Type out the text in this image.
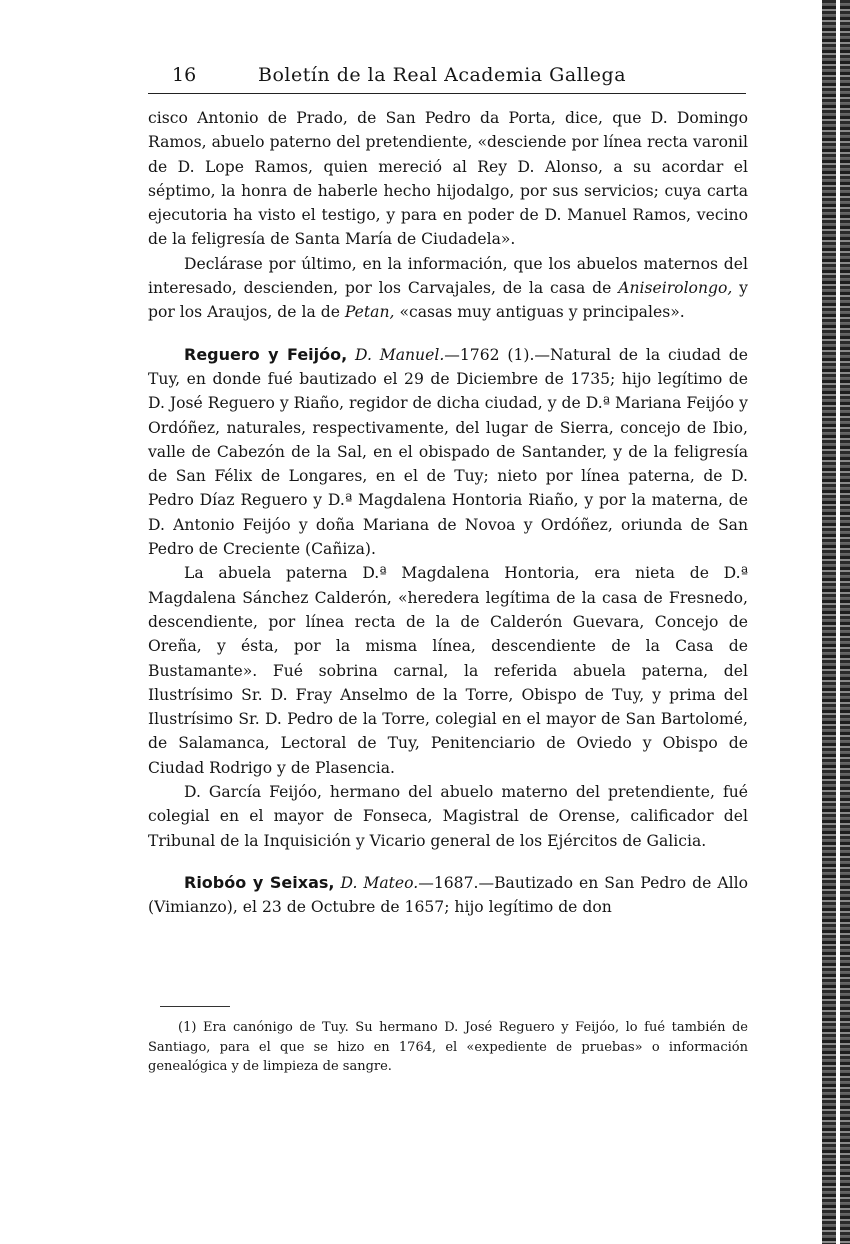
16	Boletín de la Real Academia Gallega

cisco Antonio de Prado, de San Pedro da Porta, dice, que D. Domingo Ramos, abuelo paterno del pretendiente, «desciende por línea recta varonil de D. Lope Ramos, quien mereció al Rey D. Alonso, a su acordar el séptimo, la honra de haberle hecho hijodalgo, por sus servicios; cuya carta ejecutoria ha visto el testigo, y para en poder de D. Manuel Ramos, vecino de la feligresía de Santa María de Ciudadela».

Declárase por último, en la información, que los abuelos maternos del interesado, descienden, por los Carvajales, de la casa de Aniseirolongo, y por los Araujos, de la de Petan, «casas muy antiguas y principales».

Reguero y Feijóo, D. Manuel.—1762 (1).—Natural de la ciudad de Tuy, en donde fué bautizado el 29 de Diciembre de 1735; hijo legítimo de D. José Reguero y Riaño, regidor de dicha ciudad, y de D.ª Mariana Feijóo y Ordóñez, naturales, respectivamente, del lugar de Sierra, concejo de Ibio, valle de Cabezón de la Sal, en el obispado de Santander, y de la feligresía de San Félix de Longares, en el de Tuy; nieto por línea paterna, de D. Pedro Díaz Reguero y D.ª Magdalena Hontoria Riaño, y por la materna, de D. Antonio Feijóo y doña Mariana de Novoa y Ordóñez, oriunda de San Pedro de Creciente (Cañiza).

La abuela paterna D.ª Magdalena Hontoria, era nieta de D.ª Magdalena Sánchez Calderón, «heredera legítima de la casa de Fresnedo, descendiente, por línea recta de la de Calderón Guevara, Concejo de Oreña, y ésta, por la misma línea, descendiente de la Casa de Bustamante». Fué sobrina carnal, la referida abuela paterna, del Ilustrísimo Sr. D. Fray Anselmo de la Torre, Obispo de Tuy, y prima del Ilustrísimo Sr. D. Pedro de la Torre, colegial en el mayor de San Bartolomé, de Salamanca, Lectoral de Tuy, Penitenciario de Oviedo y Obispo de Ciudad Rodrigo y de Plasencia.

D. García Feijóo, hermano del abuelo materno del pretendiente, fué colegial en el mayor de Fonseca, Magistral de Orense, calificador del Tribunal de la Inquisición y Vicario general de los Ejércitos de Galicia.

Riobóo y Seixas, D. Mateo.—1687.—Bautizado en San Pedro de Allo (Vimianzo), el 23 de Octubre de 1657; hijo legítimo de don

(1) Era canónigo de Tuy. Su hermano D. José Reguero y Feijóo, lo fué también de Santiago, para el que se hizo en 1764, el «expediente de pruebas» o información genealógica y de limpieza de sangre.
